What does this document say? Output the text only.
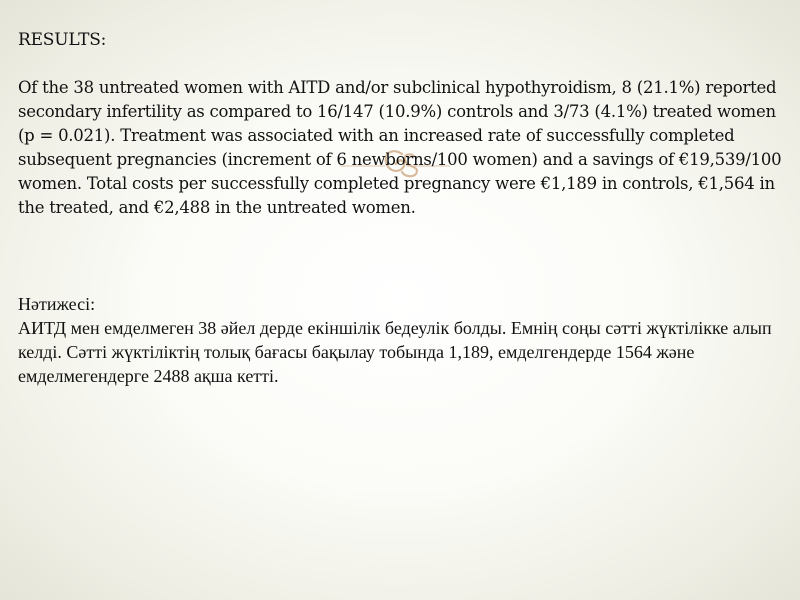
RESULTS:

Of the 38 untreated women with AITD and/or subclinical hypothyroidism, 8 (21.1%) reported secondary infertility as compared to 16/147 (10.9%) controls and 3/73 (4.1%) treated women (p = 0.021). Treatment was associated with an increased rate of successfully completed subsequent pregnancies (increment of 6 newborns/100 women) and a savings of €19,539/100 women. Total costs per successfully completed pregnancy were €1,189 in controls, €1,564 in the treated, and €2,488 in the untreated women.

Нәтижесі:

АИТД мен емделмеген 38 әйел дерде екіншілік бедеулік болды. Емнің соңы сәтті жүктілікке алып келді. Сәтті жүктіліктің толық бағасы бақылау тобында 1,189, емделгендерде 1564 және емделмегендерге 2488 ақша кетті.
